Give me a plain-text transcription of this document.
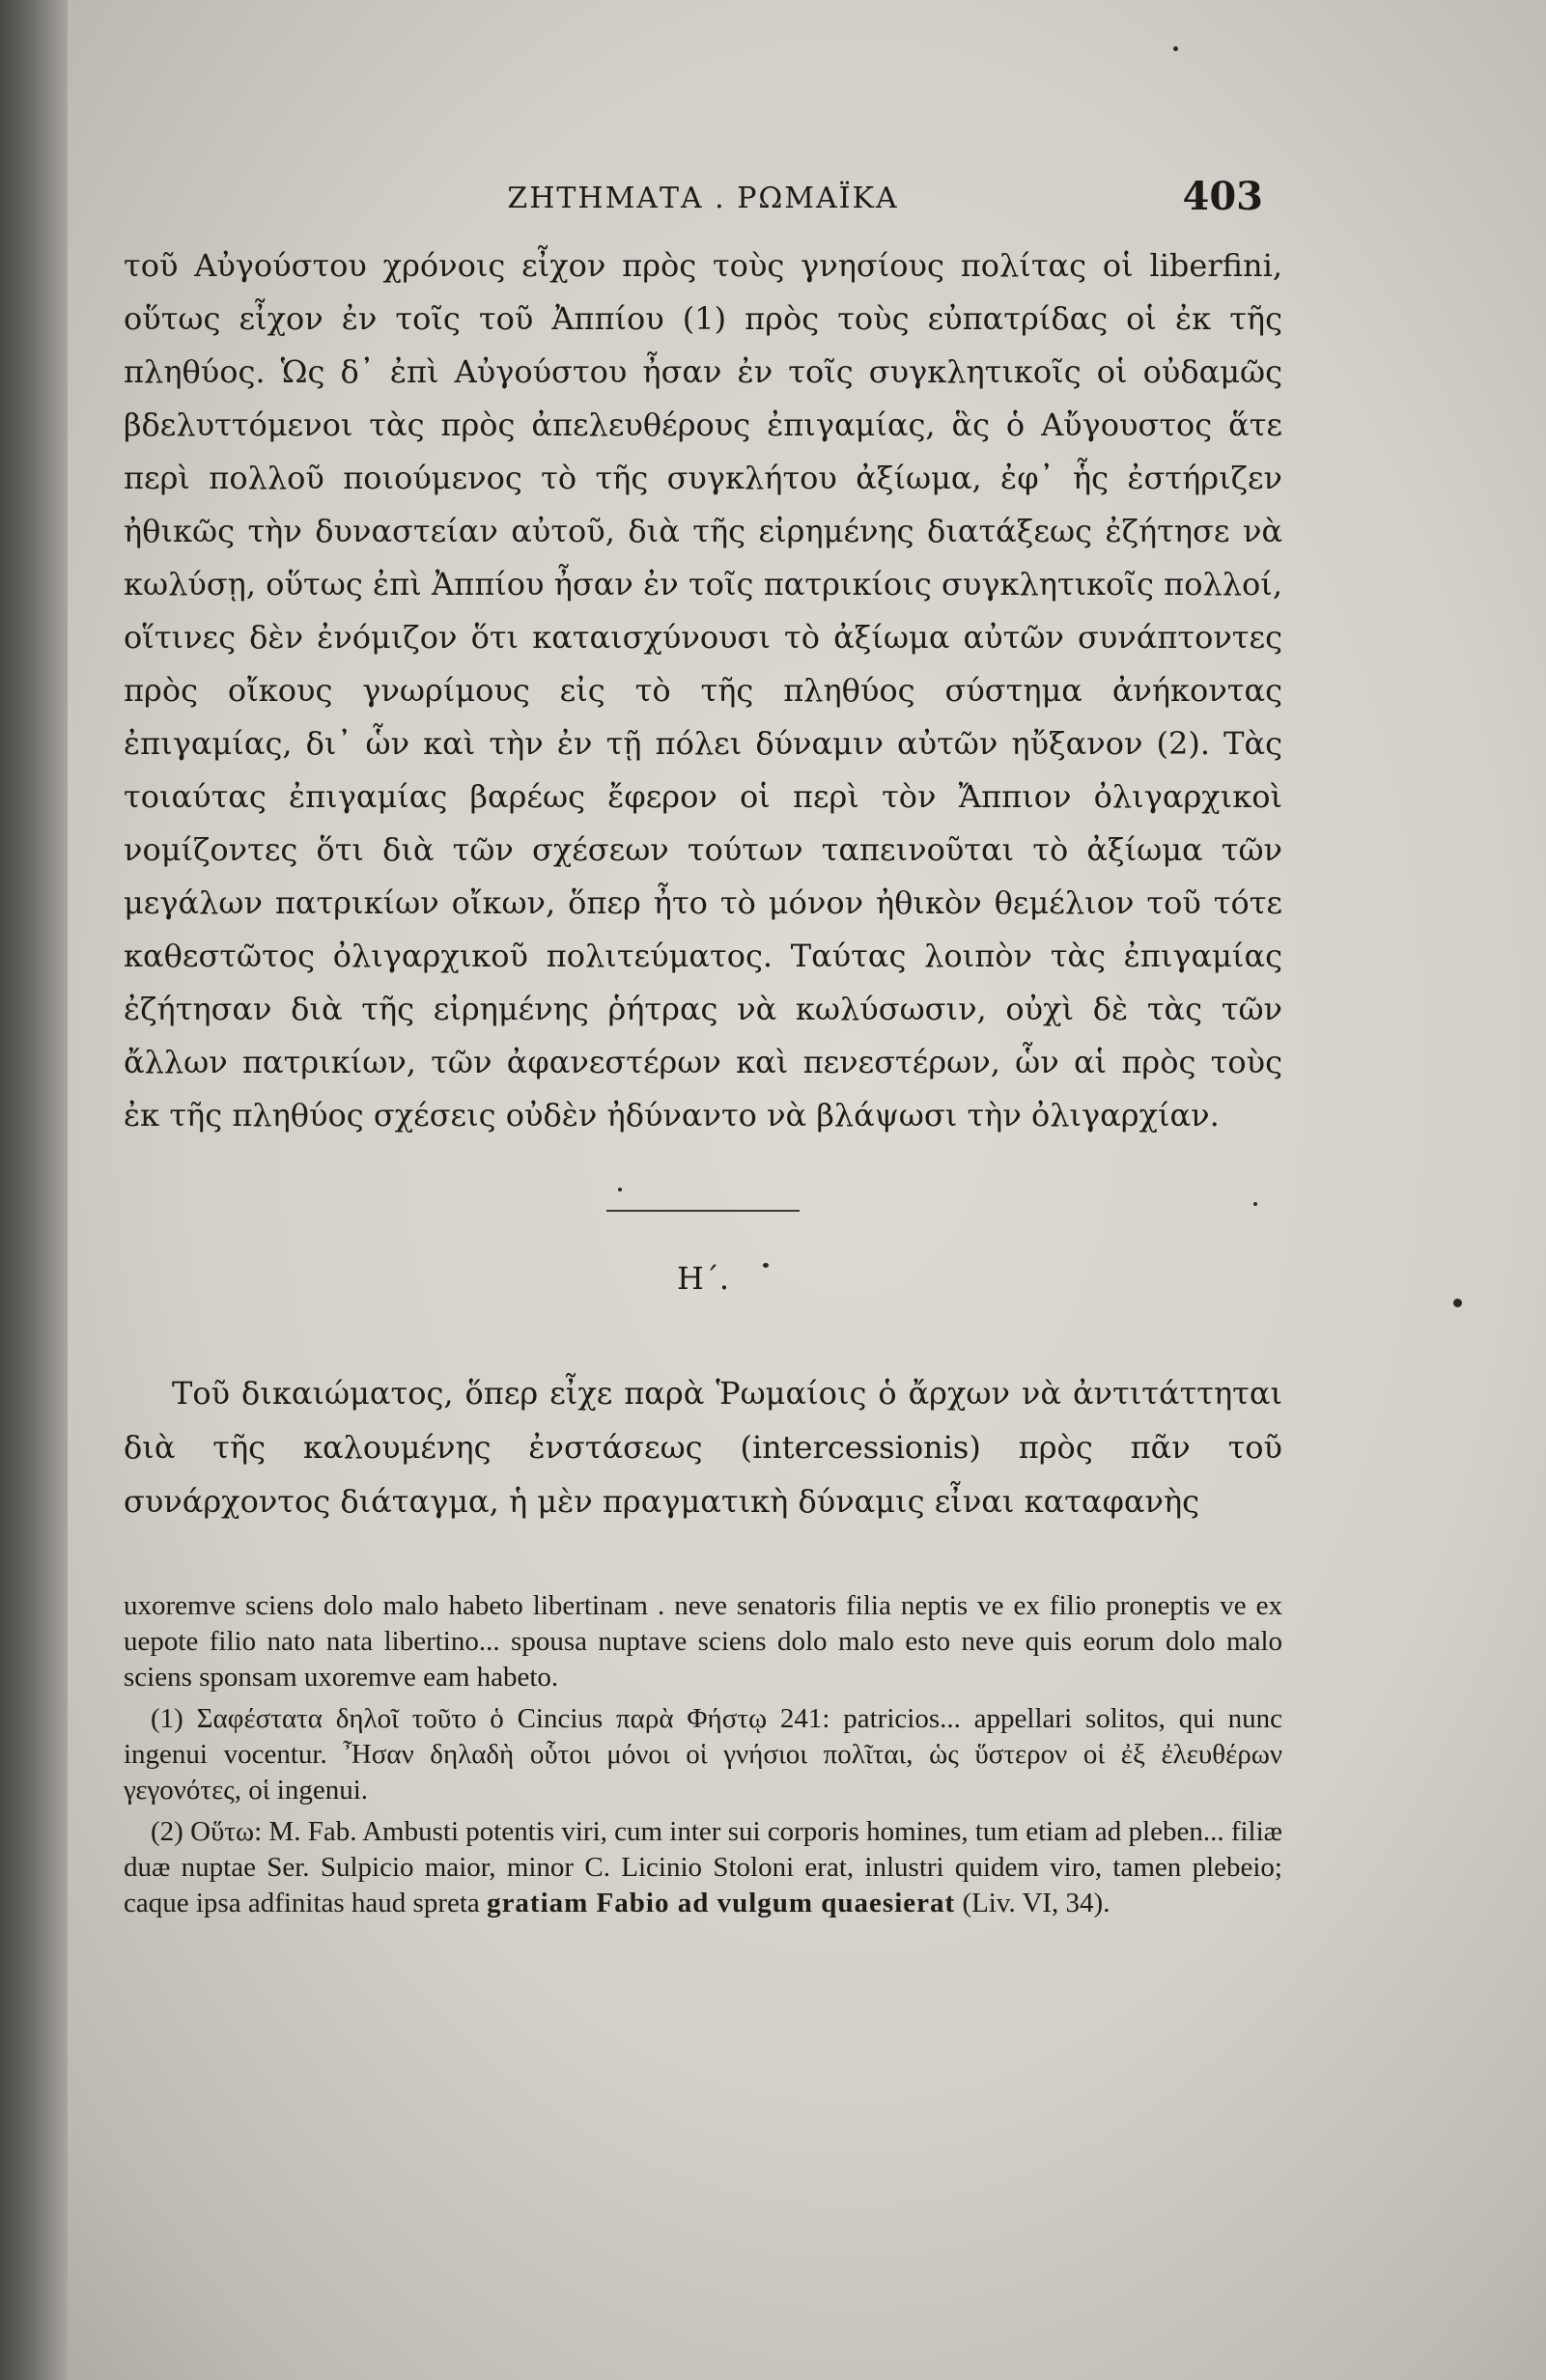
ΖΗΤΗΜΑΤΑ . ΡΩΜΑΪΚΑ	403

τοῦ Αὐγούστου χρόνοις εἶχον πρὸς τοὺς γνησίους πολίτας οἱ liberfini, οὕτως εἶχον ἐν τοῖς τοῦ Ἀππίου (1) πρὸς τοὺς εὐπατρίδας οἱ ἐκ τῆς πληθύος. Ὡς δ᾽ ἐπὶ Αὐγούστου ἦσαν ἐν τοῖς συγκλητικοῖς οἱ οὐδαμῶς βδελυττόμενοι τὰς πρὸς ἀπελευθέρους ἐπιγαμίας, ἃς ὁ Αὔγουστος ἅτε περὶ πολλοῦ ποιούμενος τὸ τῆς συγκλήτου ἀξίωμα, ἐφ᾽ ἧς ἐστήριζεν ἠθικῶς τὴν δυναστείαν αὐτοῦ, διὰ τῆς εἰρημένης διατάξεως ἐζήτησε νὰ κωλύσῃ, οὕτως ἐπὶ Ἀππίου ἦσαν ἐν τοῖς πατρικίοις συγκλητικοῖς πολλοί, οἵτινες δὲν ἐνόμιζον ὅτι καταισχύνουσι τὸ ἀξίωμα αὐτῶν συνάπτοντες πρὸς οἴκους γνωρίμους εἰς τὸ τῆς πληθύος σύστημα ἀνήκοντας ἐπιγαμίας, δι᾽ ὧν καὶ τὴν ἐν τῇ πόλει δύναμιν αὐτῶν ηὔξανον (2). Τὰς τοιαύτας ἐπιγαμίας βαρέως ἔφερον οἱ περὶ τὸν Ἄππιον ὀλιγαρχικοὶ νομίζοντες ὅτι διὰ τῶν σχέσεων τούτων ταπεινοῦται τὸ ἀξίωμα τῶν μεγάλων πατρικίων οἴκων, ὅπερ ἦτο τὸ μόνον ἠθικὸν θεμέλιον τοῦ τότε καθεστῶτος ὀλιγαρχικοῦ πολιτεύματος. Ταύτας λοιπὸν τὰς ἐπιγαμίας ἐζήτησαν διὰ τῆς εἰρημένης ῥήτρας νὰ κωλύσωσιν, οὐχὶ δὲ τὰς τῶν ἄλλων πατρικίων, τῶν ἀφανεστέρων καὶ πενεστέρων, ὧν αἱ πρὸς τοὺς ἐκ τῆς πληθύος σχέσεις οὐδὲν ἠδύναντο νὰ βλάψωσι τὴν ὀλιγαρχίαν.

Η΄.

Τοῦ δικαιώματος, ὅπερ εἶχε παρὰ Ῥωμαίοις ὁ ἄρχων νὰ ἀντιτάττηται διὰ τῆς καλουμένης ἐνστάσεως (intercessionis) πρὸς πᾶν τοῦ συνάρχοντος διάταγμα, ἡ μὲν πραγματικὴ δύναμις εἶναι καταφανὴς

uxoremve sciens dolo malo habeto libertinam . neve senatoris filia neptis ve ex filio proneptis ve ex uepote filio nato nata libertino... spousa nuptave sciens dolo malo esto neve quis eorum dolo malo sciens sponsam uxoremve eam habeto.

(1) Σαφέστατα δηλοῖ τοῦτο ὁ Cincius παρὰ Φήστῳ 241: patricios... appellari solitos, qui nunc ingenui vocentur. Ἦσαν δηλαδὴ οὗτοι μόνοι οἱ γνήσιοι πολῖται, ὡς ὕστερον οἱ ἐξ ἐλευθέρων γεγονότες, οἱ ingenui.

(2) Οὕτω: M. Fab. Ambusti potentis viri, cum inter sui corporis homines, tum etiam ad pleben... filiæ duæ nuptae Ser. Sulpicio maior, minor C. Licinio Stoloni erat, inlustri quidem viro, tamen plebeio; caque ipsa adfinitas haud spreta gratiam Fabio ad vulgum quaesierat (Liv. VI, 34).
